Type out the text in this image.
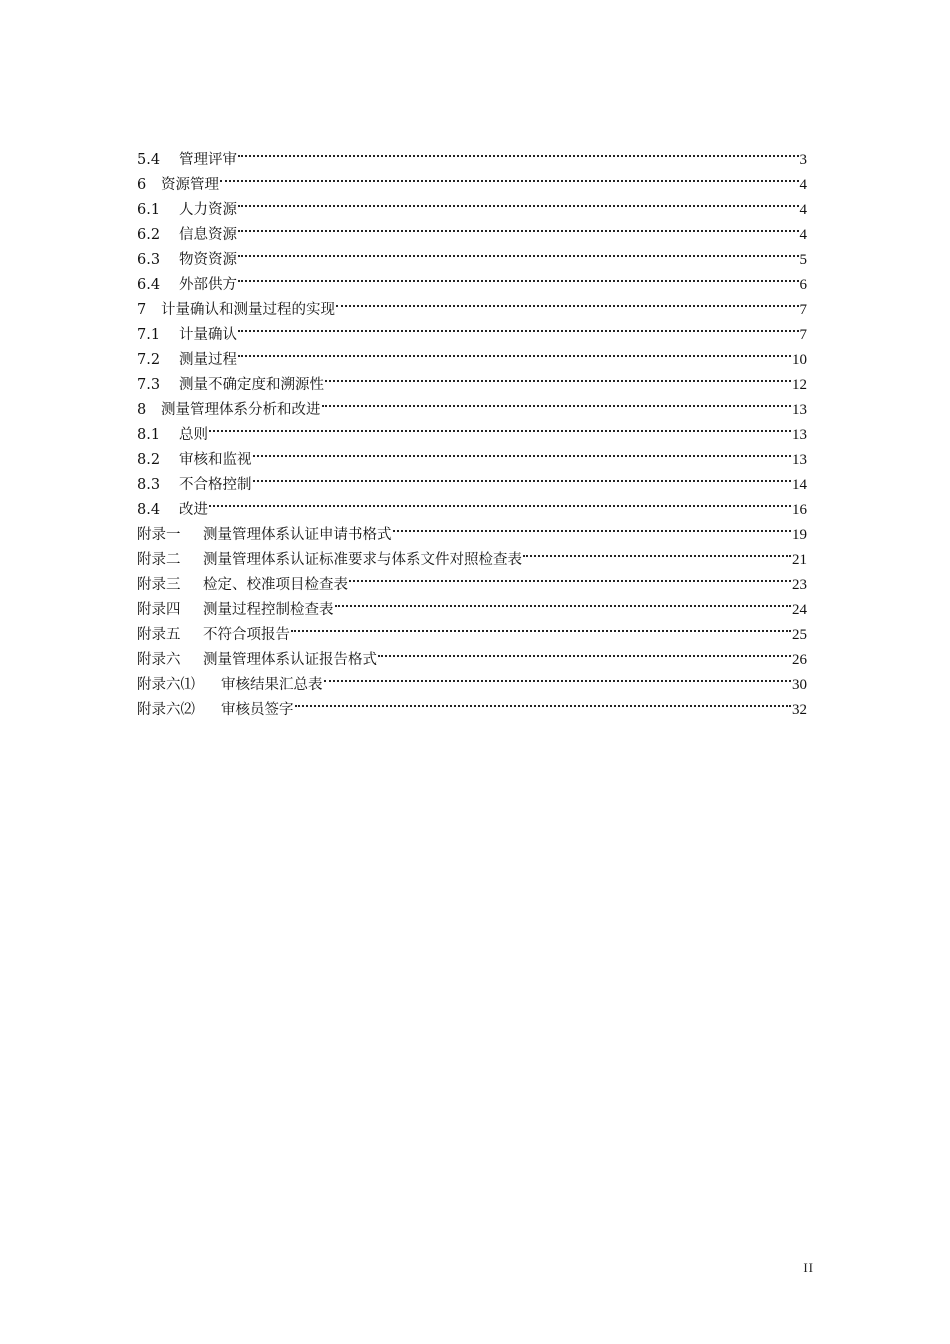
5.4	管理评审	3
6	资源管理	4
6.1	人力资源	4
6.2	信息资源	4
6.3	物资资源	5
6.4	外部供方	6
7	计量确认和测量过程的实现	7
7.1	计量确认	7
7.2	测量过程	10
7.3	测量不确定度和溯源性	12
8	测量管理体系分析和改进	13
8.1	总则	13
8.2	审核和监视	13
8.3	不合格控制	14
8.4	改进	16
附录一	测量管理体系认证申请书格式	19
附录二	测量管理体系认证标准要求与体系文件对照检查表	21
附录三	检定、校准项目检查表	23
附录四	测量过程控制检查表	24
附录五	不符合项报告	25
附录六	测量管理体系认证报告格式	26
附录六⑴	审核结果汇总表	30
附录六⑵	审核员签字	32
II
